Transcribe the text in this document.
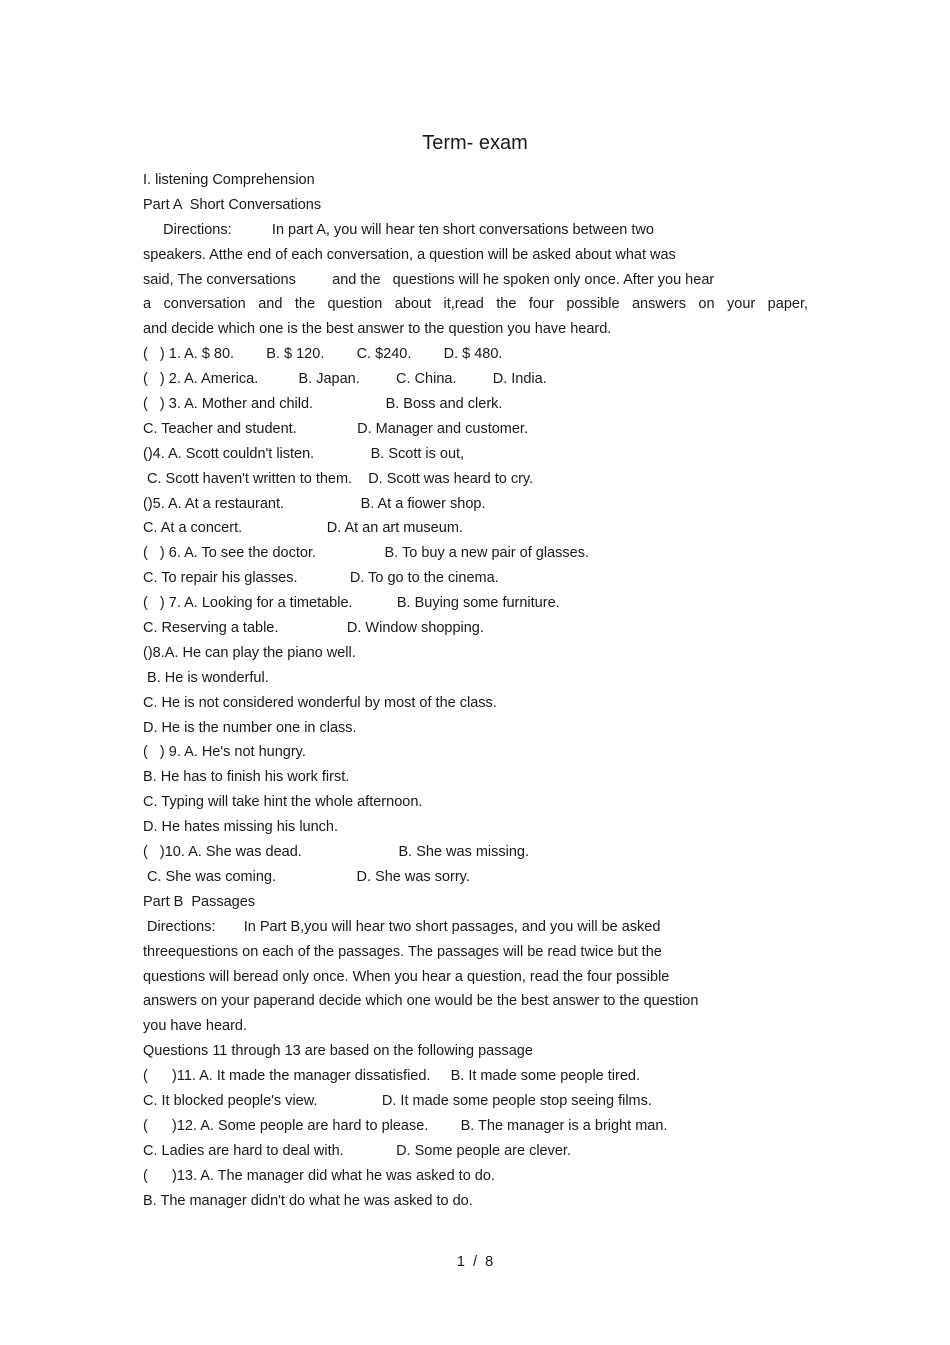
Term- exam
I. listening Comprehension
Part A  Short Conversations
Directions:          In part A, you will hear ten short conversations between two
speakers. Atthe end of each conversation, a question will be asked about what was
said, The conversations         and the   questions will he spoken only once. After you hear
a conversation and the question about it,read the four possible answers on your paper,
and decide which one is the best answer to the question you have heard.
(   ) 1. A. $ 80.        B. $ 120.        C. $240.        D. $ 480.
(   ) 2. A. America.          B. Japan.         C. China.         D. India.
(   ) 3. A. Mother and child.                  B. Boss and clerk.
C. Teacher and student.               D. Manager and customer.
()4. A. Scott couldn't listen.              B. Scott is out,
C. Scott haven't written to them.    D. Scott was heard to cry.
()5. A. At a restaurant.                   B. At a fiower shop.
C. At a concert.                     D. At an art museum.
(   ) 6. A. To see the doctor.                 B. To buy a new pair of glasses.
C. To repair his glasses.             D. To go to the cinema.
(   ) 7. A. Looking for a timetable.           B. Buying some furniture.
C. Reserving a table.                 D. Window shopping.
()8.A. He can play the piano well.
B. He is wonderful.
C. He is not considered wonderful by most of the class.
D. He is the number one in class.
(   ) 9. A. He's not hungry.
B. He has to finish his work first.
C. Typing will take hint the whole afternoon.
D. He hates missing his lunch.
(   )10. A. She was dead.                        B. She was missing.
C. She was coming.                    D. She was sorry.
Part B  Passages
Directions:       In Part B,you will hear two short passages, and you will be asked
threequestions on each of the passages. The passages will be read twice but the
questions will beread only once. When you hear a question, read the four possible
answers on your paperand decide which one would be the best answer to the question
you have heard.
Questions 11 through 13 are based on the following passage
(      )11. A. It made the manager dissatisfied.     B. It made some people tired.
C. It blocked people's view.                D. It made some people stop seeing films.
(      )12. A. Some people are hard to please.        B. The manager is a bright man.
C. Ladies are hard to deal with.             D. Some people are clever.
(      )13. A. The manager did what he was asked to do.
B. The manager didn't do what he was asked to do.
1  /  8
